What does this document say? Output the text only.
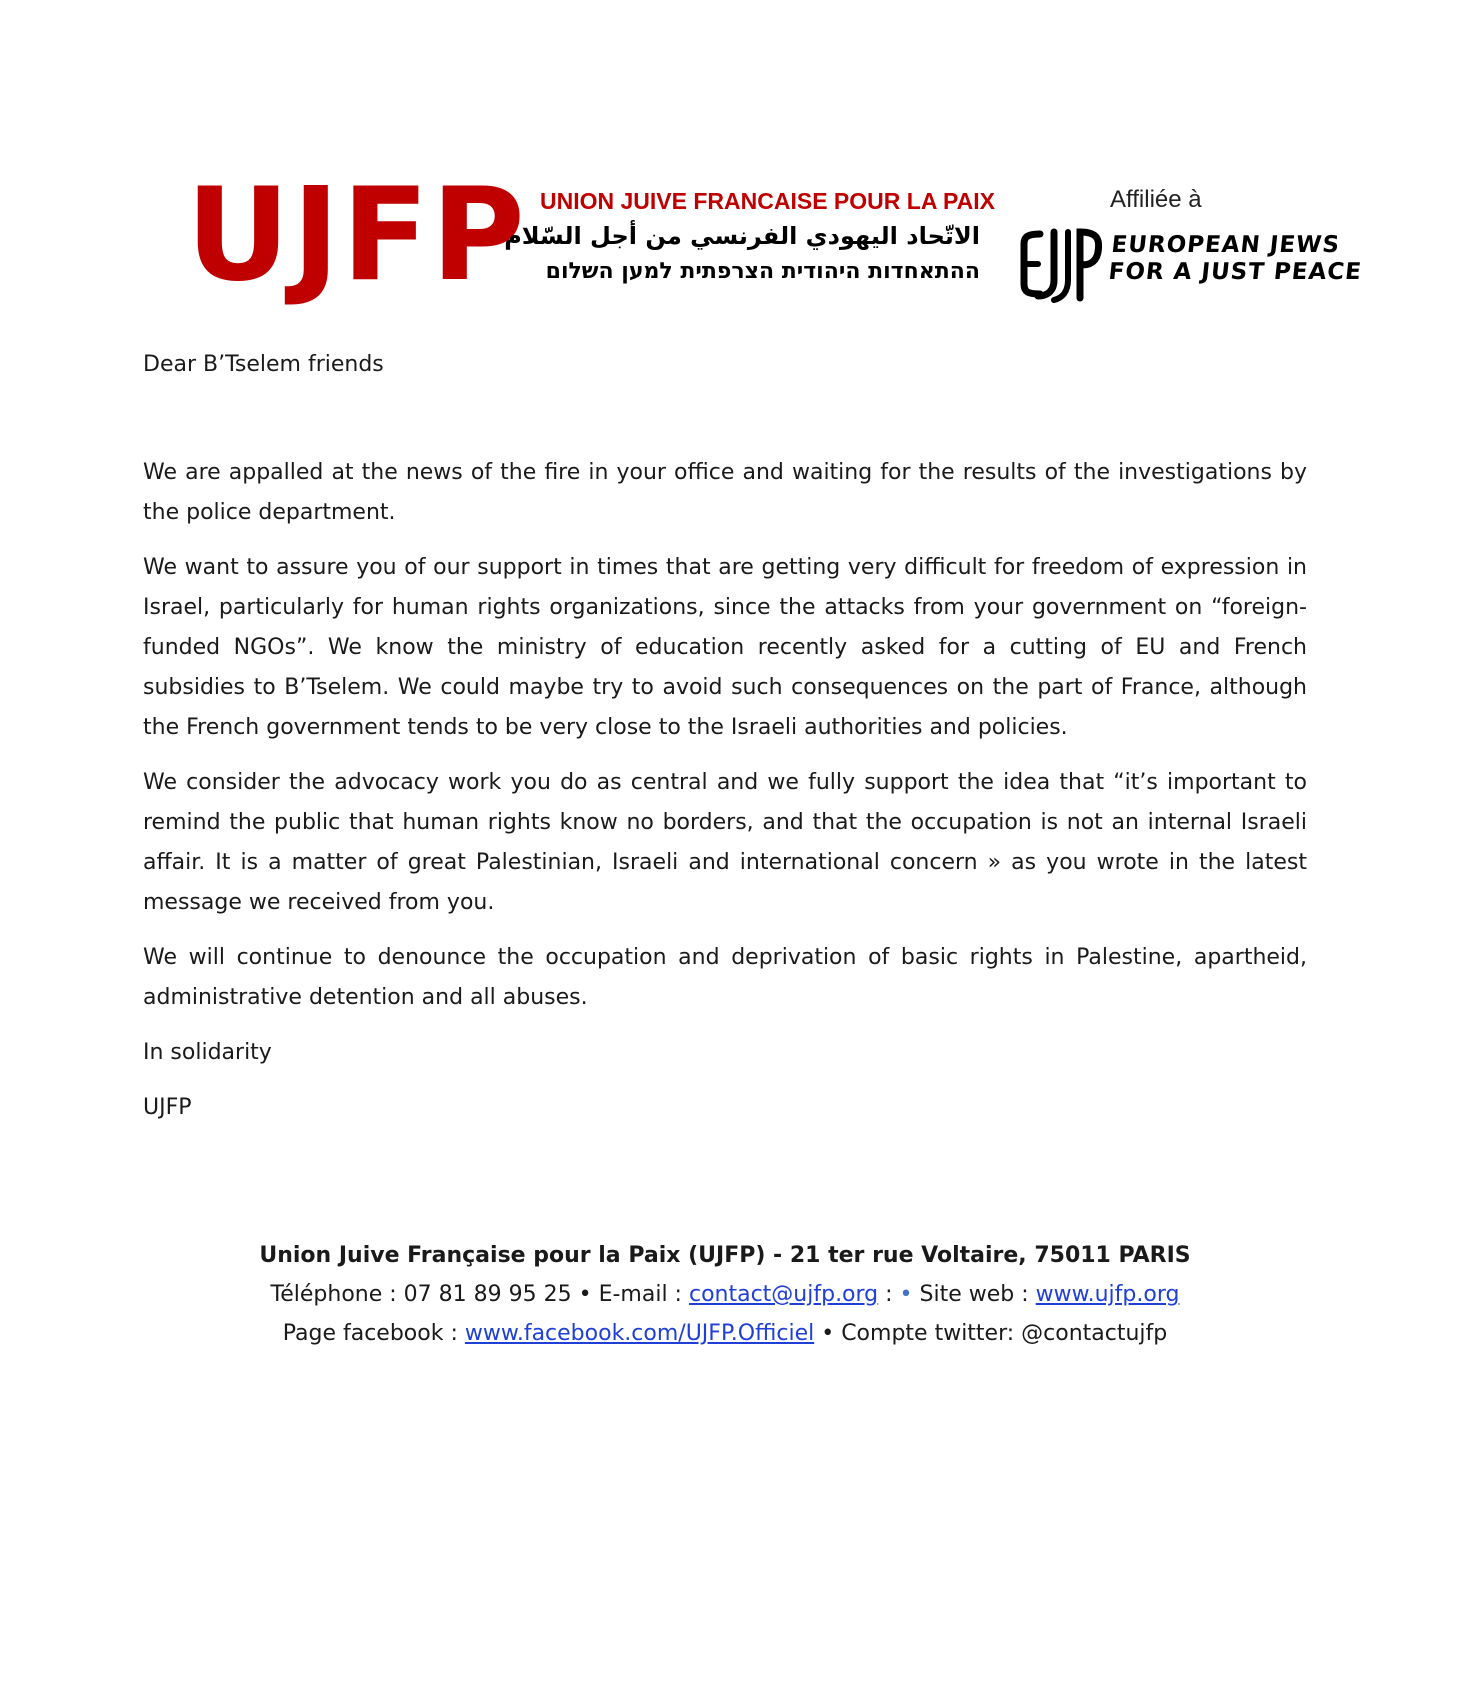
UJFP UNION JUIVE FRANCAISE POUR LA PAIX
الاتّحاد اليهودي الفرنسي من أجل السّلام
ההתאחדות היהודית הצרפתית למען השלום
Affiliée à
EUROPEAN JEWS
FOR A JUST PEACE

Dear B’Tselem friends

We are appalled at the news of the fire in your office and waiting for the results of the investigations by the police department.

We want to assure you of our support in times that are getting very difficult for freedom of expression in Israel, particularly for human rights organizations, since the attacks from your government on “foreign-funded NGOs”. We know the ministry of education recently asked for a cutting of EU and French subsidies to B’Tselem. We could maybe try to avoid such consequences on the part of France, although the French government tends to be very close to the Israeli authorities and policies.

We consider the advocacy work you do as central and we fully support the idea that “it’s important to remind the public that human rights know no borders, and that the occupation is not an internal Israeli affair. It is a matter of great Palestinian, Israeli and international concern » as you wrote in the latest message we received from you.

We will continue to denounce the occupation and deprivation of basic rights in Palestine, apartheid, administrative detention and all abuses.

In solidarity

UJFP

Union Juive Française pour la Paix (UJFP) - 21 ter rue Voltaire, 75011 PARIS
Téléphone : 07 81 89 95 25 • E-mail : contact@ujfp.org : • Site web : www.ujfp.org
Page facebook : www.facebook.com/UJFP.Officiel • Compte twitter: @contactujfp
